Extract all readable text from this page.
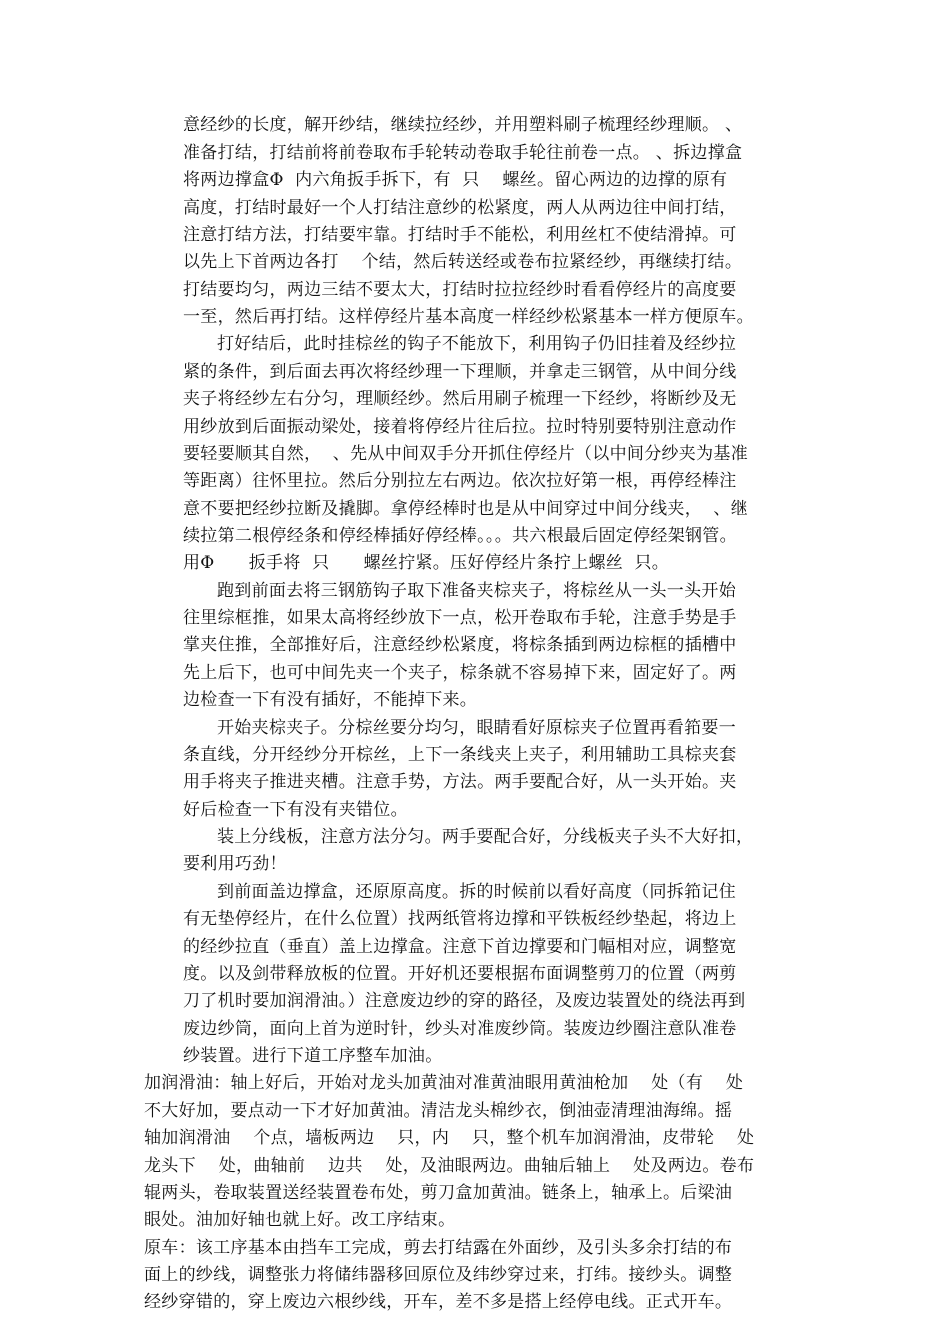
意经纱的长度，解开纱结，继续拉经纱，并用塑料刷子梳理经纱理顺。 、
准备打结，打结前将前卷取布手轮转动卷取手轮往前卷一点。 、拆边撑盒
将两边撑盒Φ  内六角扳手拆下，有  只    螺丝。留心两边的边撑的原有
高度，打结时最好一个人打结注意纱的松紧度，两人从两边往中间打结，
注意打结方法，打结要牢靠。打结时手不能松，利用丝杠不使结滑掉。可
以先上下首两边各打    个结，然后转送经或卷布拉紧经纱，再继续打结。
打结要均匀，两边三结不要太大，打结时拉拉经纱时看看停经片的高度要
一至，然后再打结。这样停经片基本高度一样经纱松紧基本一样方便原车。
打好结后，此时挂棕丝的钩子不能放下，利用钩子仍旧挂着及经纱拉
紧的条件，到后面去再次将经纱理一下理顺，并拿走三钢管，从中间分线
夹子将经纱左右分匀，理顺经纱。然后用刷子梳理一下经纱，将断纱及无
用纱放到后面振动梁处，接着将停经片往后拉。拉时特别要特别注意动作
要轻要顺其自然，  、先从中间双手分开抓住停经片（以中间分纱夹为基准
等距离）往怀里拉。然后分别拉左右两边。依次拉好第一根，再停经棒注
意不要把经纱拉断及撬脚。拿停经棒时也是从中间穿过中间分线夹，  、继
续拉第二根停经条和停经棒插好停经棒。。。共六根最后固定停经架钢管。
用Φ      扳手将  只      螺丝拧紧。压好停经片条拧上螺丝  只。
跑到前面去将三钢筋钩子取下准备夹棕夹子，将棕丝从一头一头开始
往里综框推，如果太高将经纱放下一点，松开卷取布手轮，注意手势是手
掌夹住推，全部推好后，注意经纱松紧度，将棕条插到两边棕框的插槽中
先上后下，也可中间先夹一个夹子，棕条就不容易掉下来，固定好了。两
边检查一下有没有插好，不能掉下来。
开始夹棕夹子。分棕丝要分均匀，眼睛看好原棕夹子位置再看筘要一
条直线，分开经纱分开棕丝，上下一条线夹上夹子，利用辅助工具棕夹套
用手将夹子推进夹槽。注意手势，方法。两手要配合好，从一头开始。夹
好后检查一下有没有夹错位。
装上分线板，注意方法分匀。两手要配合好，分线板夹子头不大好扣，
要利用巧劲！
到前面盖边撑盒，还原原高度。拆的时候前以看好高度（同拆筘记住
有无垫停经片，在什么位置）找两纸管将边撑和平铁板经纱垫起，将边上
的经纱拉直（垂直）盖上边撑盒。注意下首边撑要和门幅相对应，调整宽
度。以及剑带释放板的位置。开好机还要根据布面调整剪刀的位置（两剪
刀了机时要加润滑油。）注意废边纱的穿的路径，及废边装置处的绕法再到
废边纱筒，面向上首为逆时针，纱头对准废纱筒。装废边纱圈注意队准卷
纱装置。进行下道工序整车加油。
加润滑油：轴上好后，开始对龙头加黄油对准黄油眼用黄油枪加    处（有    处
不大好加，要点动一下才好加黄油。清洁龙头棉纱衣，倒油壶清理油海绵。摇
轴加润滑油    个点，墙板两边    只，内    只，整个机车加润滑油，皮带轮    处
龙头下    处，曲轴前    边共    处，及油眼两边。曲轴后轴上    处及两边。卷布
辊两头，卷取装置送经装置卷布处，剪刀盒加黄油。链条上，轴承上。后梁油
眼处。油加好轴也就上好。改工序结束。
原车：该工序基本由挡车工完成，剪去打结露在外面纱，及引头多余打结的布
面上的纱线，调整张力将储纬器移回原位及纬纱穿过来，打纬。接纱头。调整
经纱穿错的，穿上废边六根纱线，开车，差不多是搭上经停电线。正式开车。
